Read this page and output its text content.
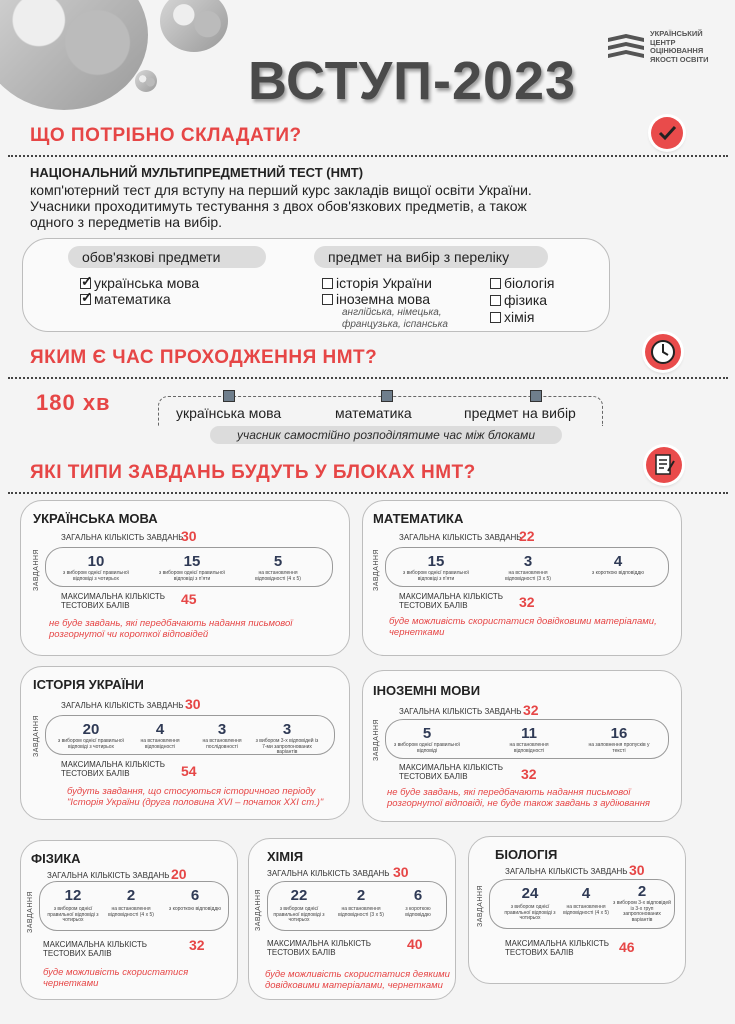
УКРАЇНСЬКИЙ
ЦЕНТР
ОЦІНЮВАННЯ
ЯКОСТІ ОСВІТИ
ВСТУП-2023
ЩО ПОТРІБНО СКЛАДАТИ?
НАЦІОНАЛЬНИЙ МУЛЬТИПРЕДМЕТНИЙ ТЕСТ (НМТ)
комп'ютерний тест для вступу на перший курс закладів вищої освіти України.
Учасники проходитимуть тестування з двох обов'язкових предметів, а також
одного з передметів на вибір.
обов'язкові предмети	предмет на вибір з переліку
✓українська мова
✓математика
історія України
іноземна мова
англійська, німецька,
французька, іспанська
біологія
фізика
хімія
ЯКИМ Є ЧАС ПРОХОДЖЕННЯ НМТ?
180 хв	українська мова	математика	предмет на вибір
учасник самостійно розподілятиме час між блоками
ЯКІ ТИПИ ЗАВДАНЬ БУДУТЬ У БЛОКАХ НМТ?
УКРАЇНСЬКА МОВА
ЗАГАЛЬНА КІЛЬКІСТЬ ЗАВДАНЬ
30
ЗАВДАННЯ	10
з вибором однієї правильної відповіді з чотирьох
15
з вибором однієї правильної відповіді з п'яти
5
на встановлення відповідності (4 х 5)
МАКСИМАЛЬНА КІЛЬКІСТЬ
ТЕСТОВИХ БАЛІВ	45
не буде завдань, які передбачають надання письмової
розгорнутої чи короткої відповідей
МАТЕМАТИКА
ЗАГАЛЬНА КІЛЬКІСТЬ ЗАВДАНЬ
22
ЗАВДАННЯ	15
з вибором однієї правильної відповіді з п'яти
3
на встановлення відповідності (3 х 5)
4
з короткою відповіддю
МАКСИМАЛЬНА КІЛЬКІСТЬ
ТЕСТОВИХ БАЛІВ	32
буде можливість скористатися довідковими матеріалами,
чернетками
ІСТОРІЯ УКРАЇНИ
ЗАГАЛЬНА КІЛЬКІСТЬ ЗАВДАНЬ 30
ЗАВДАННЯ	20
з вибором однієї правильної відповіді з чотирьох
4
на встановлення відповідності
3
на встановлення послідовності
3
з вибором 3-х відповідей із 7-ми запропонованих варіантів
МАКСИМАЛЬНА КІЛЬКІСТЬ
ТЕСТОВИХ БАЛІВ	54
будуть завдання, що стосуються історичного періоду
"Історія України (друга половина XVI – початок XXI ст.)"
ІНОЗЕМНІ МОВИ
ЗАГАЛЬНА КІЛЬКІСТЬ ЗАВДАНЬ 32
ЗАВДАННЯ	5
з вибором однієї правильної відповіді
11
на встановлення відповідності
16
на заповнення пропусків у тексті
МАКСИМАЛЬНА КІЛЬКІСТЬ
ТЕСТОВИХ БАЛІВ	32
не буде завдань, які передбачають надання письмової
розгорнутої відповіді, не буде також завдань з аудіювання
ФІЗИКА
ЗАГАЛЬНА КІЛЬКІСТЬ ЗАВДАНЬ 20
ЗАВДАННЯ	12
з вибором однієї правильної відповіді з чотирьох
2
на встановлення відповідності (4 х 5)
6
з короткою відповіддю
МАКСИМАЛЬНА КІЛЬКІСТЬ
ТЕСТОВИХ БАЛІВ
32
буде можливість скористатися
чернетками
ХІМІЯ
ЗАГАЛЬНА КІЛЬКІСТЬ ЗАВДАНЬ 30
ЗАВДАННЯ	22
з вибором однієї правильної відповіді з чотирьох
2
на встановлення відповідності (3 х 5)
6
з короткою відповіддю
МАКСИМАЛЬНА КІЛЬКІСТЬ
ТЕСТОВИХ БАЛІВ
40
буде можливість скористатися деякими
довідковими матеріалами, чернетками
БІОЛОГІЯ
ЗАГАЛЬНА КІЛЬКІСТЬ ЗАВДАНЬ 30
ЗАВДАННЯ	24
з вибором однієї правильної відповіді з чотирьох
4
на встановлення відповідності (4 х 5)
2
з вибором 3-х відповідей із 3-х груп запропонованих варіантів
МАКСИМАЛЬНА КІЛЬКІСТЬ
ТЕСТОВИХ БАЛІВ	46
